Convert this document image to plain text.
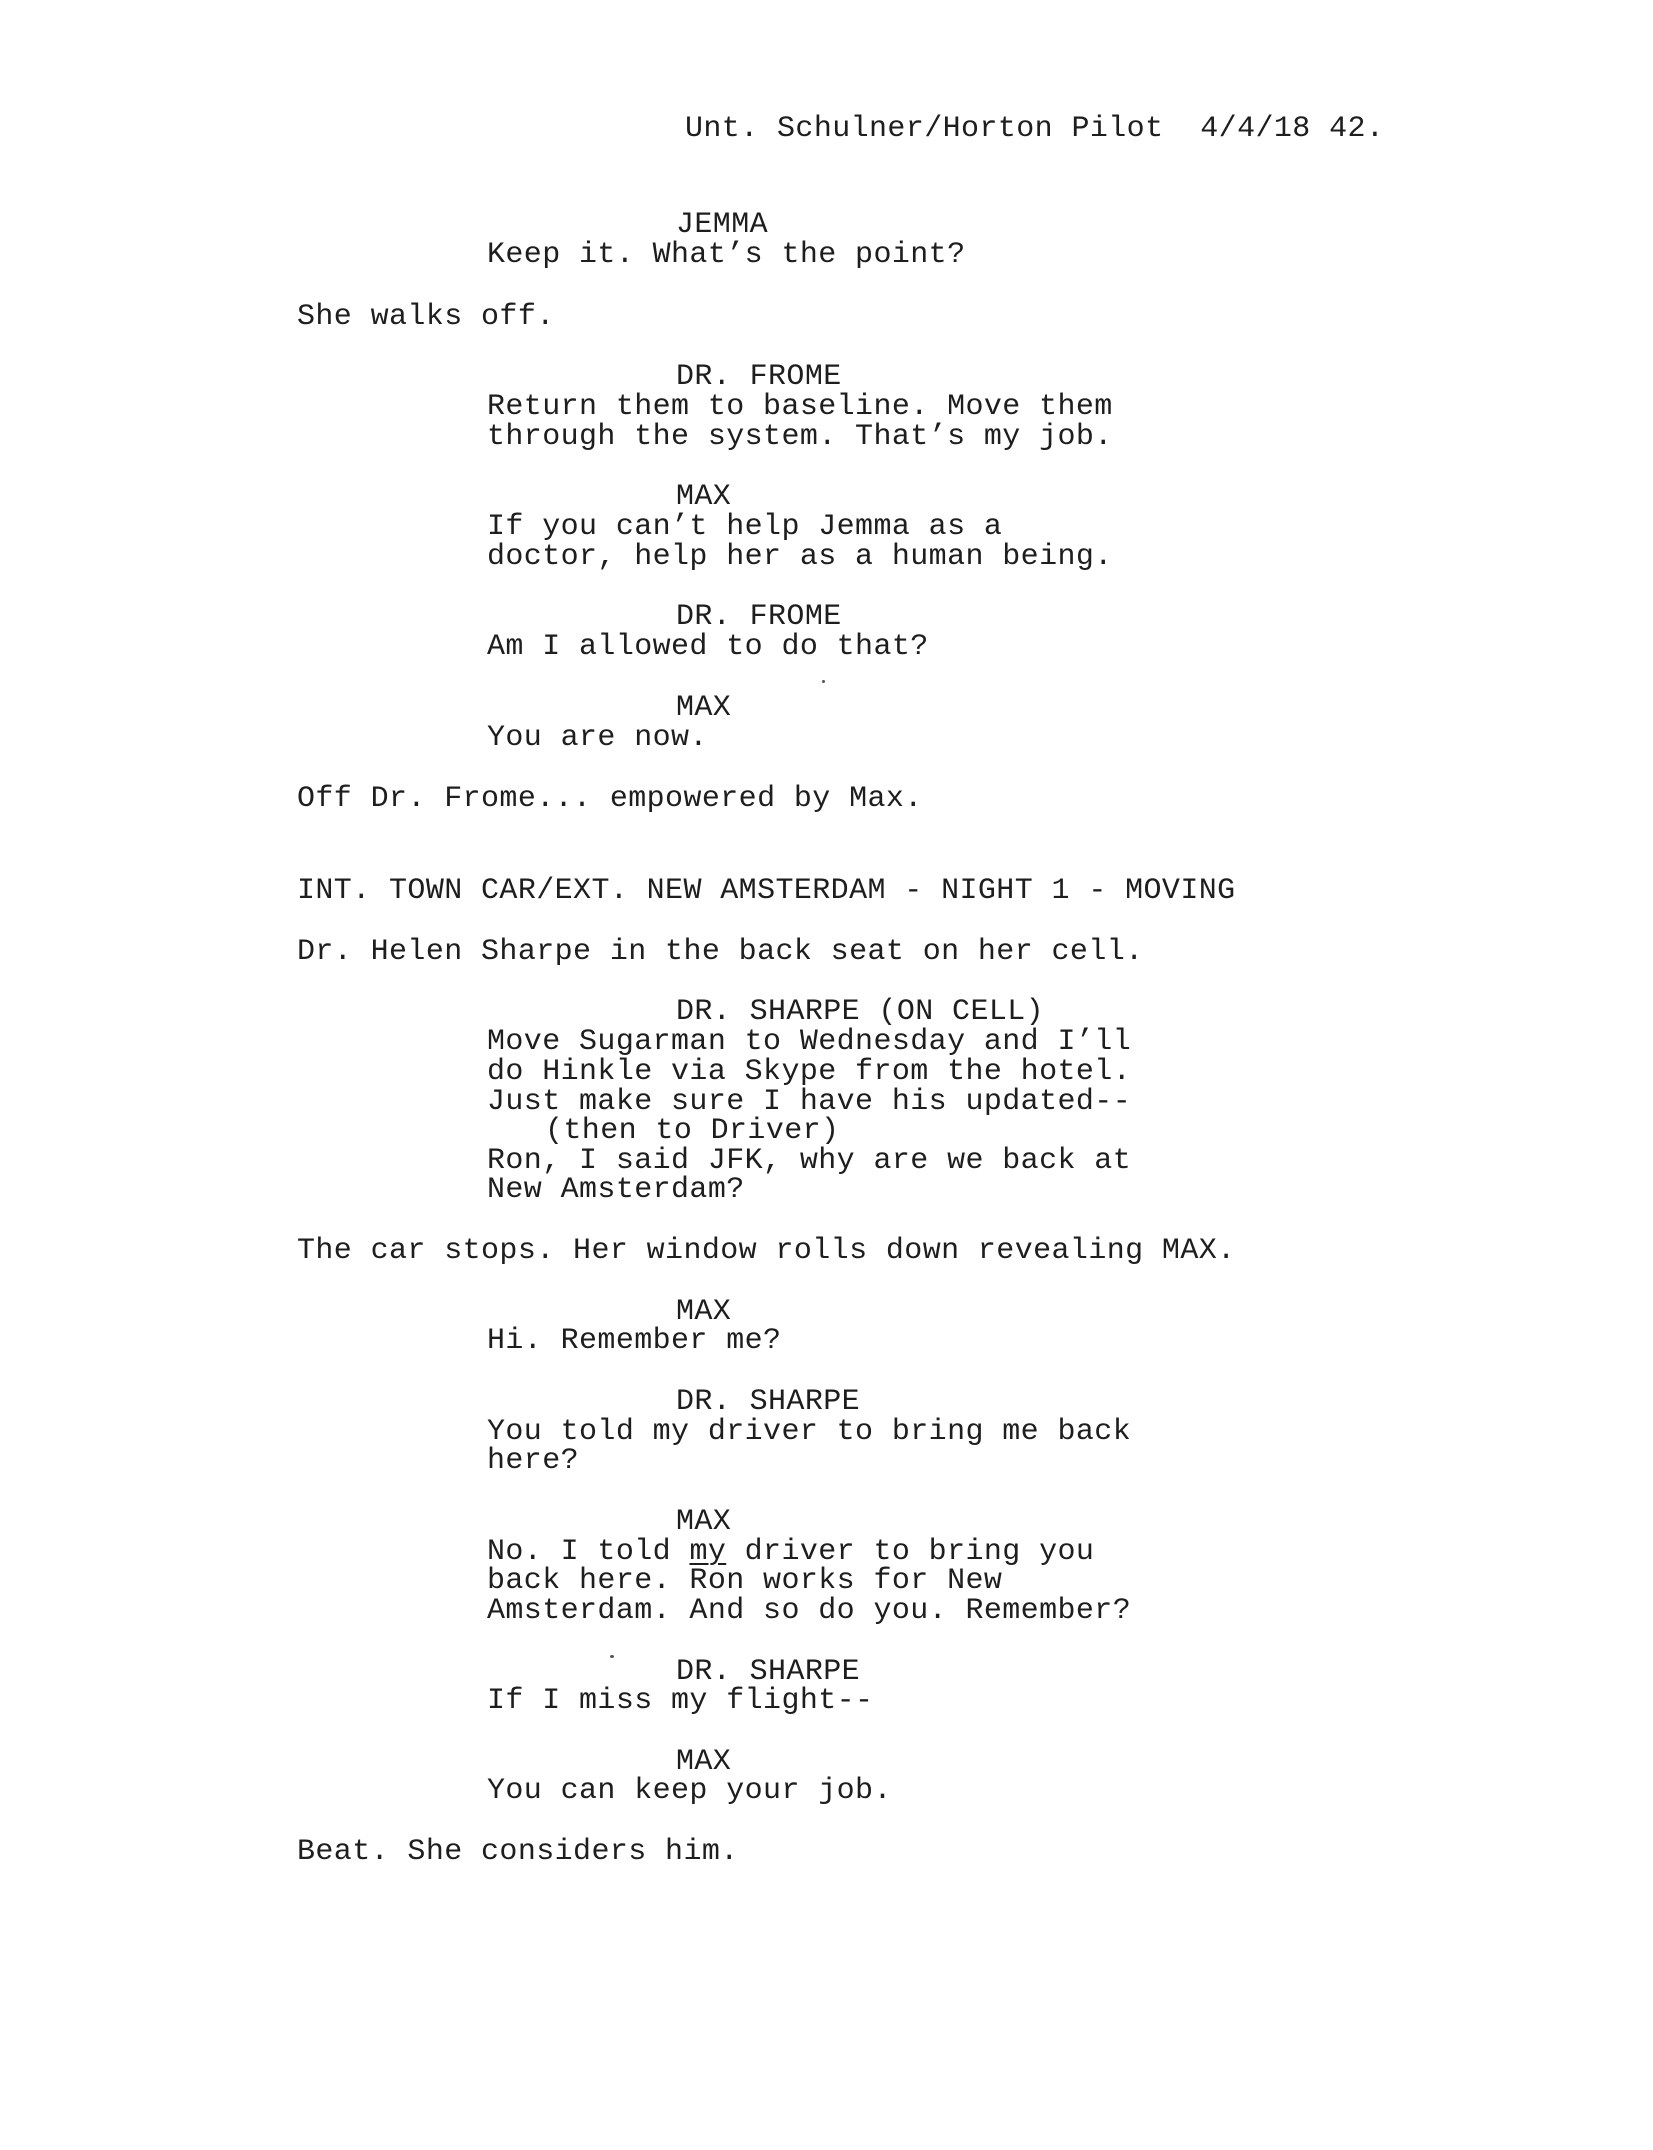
Unt. Schulner/Horton Pilot  4/4/18 42.
JEMMA
Keep it. What’s the point?
She walks off.
DR. FROME
Return them to baseline. Move them
through the system. That’s my job.
MAX
If you can’t help Jemma as a
doctor, help her as a human being.
DR. FROME
Am I allowed to do that?
MAX
You are now.
Off Dr. Frome... empowered by Max.
INT. TOWN CAR/EXT. NEW AMSTERDAM - NIGHT 1 - MOVING
Dr. Helen Sharpe in the back seat on her cell.
DR. SHARPE (ON CELL)
Move Sugarman to Wednesday and I’ll
do Hinkle via Skype from the hotel.
Just make sure I have his updated--
(then to Driver)
Ron, I said JFK, why are we back at
New Amsterdam?
The car stops. Her window rolls down revealing MAX.
MAX
Hi. Remember me?
DR. SHARPE
You told my driver to bring me back
here?
MAX
No. I told my driver to bring you
back here. Ron works for New
Amsterdam. And so do you. Remember?
DR. SHARPE
If I miss my flight--
MAX
You can keep your job.
Beat. She considers him.
